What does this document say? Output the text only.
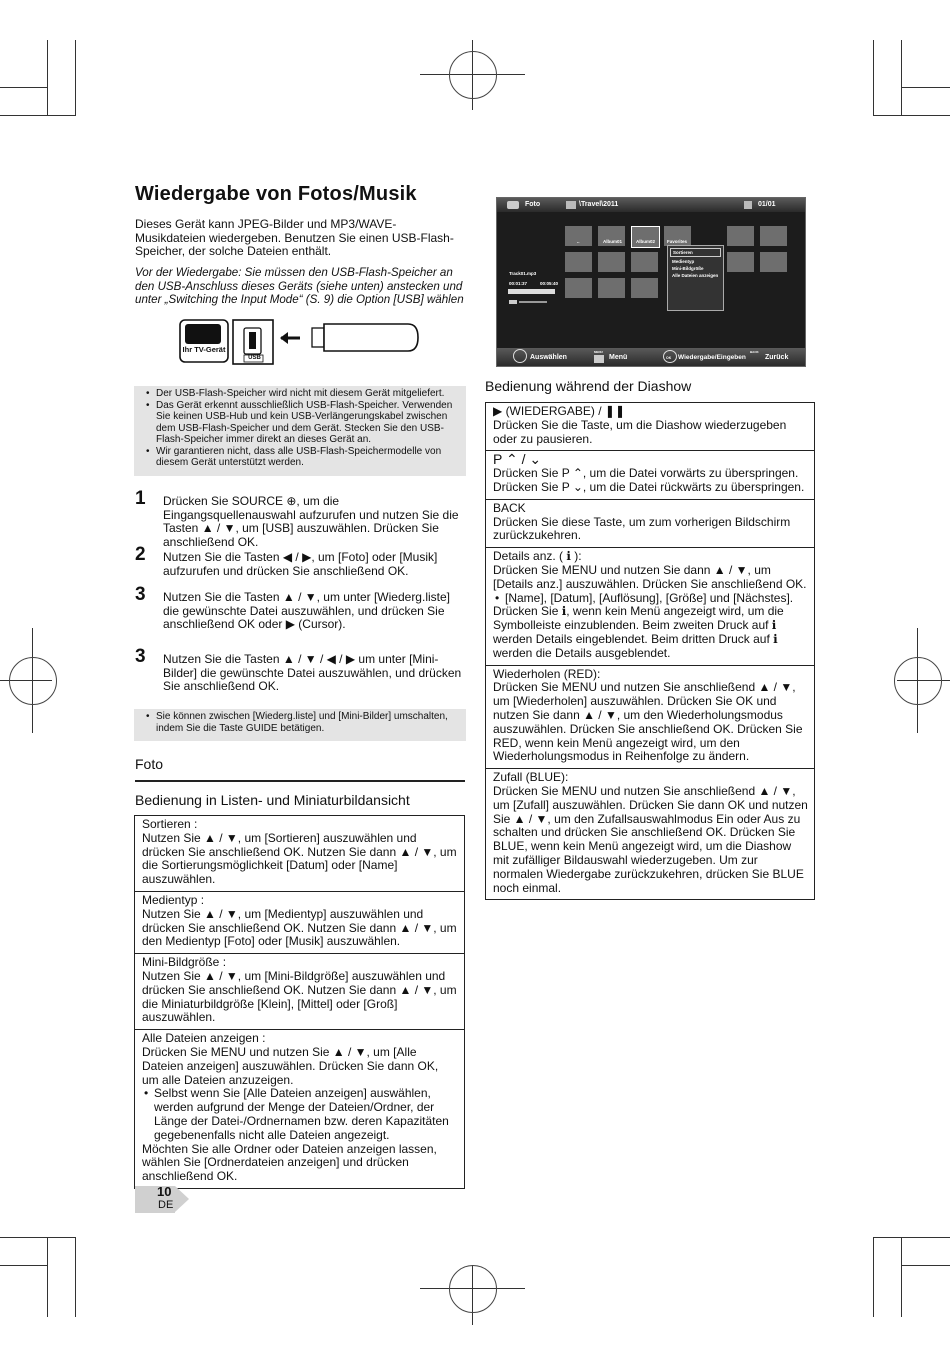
Wiedergabe von Fotos/Musik
Dieses Gerät kann JPEG-Bilder und MP3/WAVE-Musikdateien wiedergeben. Benutzen Sie einen USB-Flash-Speicher, der solche Dateien enthält.
Vor der Wiedergabe: Sie müssen den USB-Flash-Speicher an den USB-Anschluss dieses Geräts (siehe unten) anstecken und unter „Switching the Input Mode“ (S. 9) die Option [USB] wählen
Ihr TV-Gerät
USB
• Der USB-Flash-Speicher wird nicht mit diesem Gerät mitgeliefert.
• Das Gerät erkennt ausschließlich USB-Flash-Speicher. Verwenden Sie keinen USB-Hub und kein USB-Verlängerungskabel zwischen dem USB-Flash-Speicher und dem Gerät. Stecken Sie den USB-Flash-Speicher immer direkt an dieses Gerät an.
• Wir garantieren nicht, dass alle USB-Flash-Speichermodelle von diesem Gerät unterstützt werden.
1 Drücken Sie SOURCE ⊕, um die Eingangsquellenauswahl aufzurufen und nutzen Sie die Tasten ▲ / ▼, um [USB] auszuwählen. Drücken Sie anschließend OK.
2 Nutzen Sie die Tasten ◀ / ▶, um [Foto] oder [Musik] aufzurufen und drücken Sie anschließend OK.
3 Nutzen Sie die Tasten ▲ / ▼, um unter [Wiederg.liste] die gewünschte Datei auszuwählen, und drücken Sie anschließend OK oder ▶ (Cursor).
3 Nutzen Sie die Tasten ▲ / ▼ / ◀ / ▶ um unter [Mini-Bilder] die gewünschte Datei auszuwählen, und drücken Sie anschließend OK.
• Sie können zwischen [Wiederg.liste] und [Mini-Bilder] umschalten, indem Sie die Taste GUIDE betätigen.
Foto
Bedienung in Listen- und Miniaturbildansicht
Sortieren :
Nutzen Sie ▲ / ▼, um [Sortieren] auszuwählen und drücken Sie anschließend OK. Nutzen Sie dann ▲ / ▼, um die Sortierungsmöglichkeit [Datum] oder [Name] auszuwählen.

Medientyp :
Nutzen Sie ▲ / ▼, um [Medientyp] auszuwählen und drücken Sie anschließend OK. Nutzen Sie dann ▲ / ▼, um den Medientyp [Foto] oder [Musik] auszuwählen.

Mini-Bildgröße :
Nutzen Sie ▲ / ▼, um [Mini-Bildgröße] auszuwählen und drücken Sie anschließend OK. Nutzen Sie dann ▲ / ▼, um die Miniaturbildgröße [Klein], [Mittel] oder [Groß] auszuwählen.

Alle Dateien anzeigen :
Drücken Sie MENU und nutzen Sie ▲ / ▼, um [Alle Dateien anzeigen] auszuwählen. Drücken Sie dann OK, um alle Dateien anzuzeigen.
• Selbst wenn Sie [Alle Dateien anzeigen] auswählen, werden aufgrund der Menge der Dateien/Ordner, der Länge der Datei-/Ordnernamen bzw. deren Kapazitäten gegebenenfalls nicht alle Dateien angezeigt.
Möchten Sie alle Ordner oder Dateien anzeigen lassen, wählen Sie [Ordnerdateien anzeigen] und drücken anschließend OK.
Foto	\Travel\2011	01/01
..	Album01	Album02	Favorites
Track01.mp3
00:01:37	00:05:40
Sortieren
Medientyp
Mini-Bildgröße
Alle Dateien anzeigen
Auswählen
MENU
Menü	OK Wiedergabe/Eingeben
BACK
Zurück
Bedienung während der Diashow
▶ (WIEDERGABE) / ❚❚
Drücken Sie die Taste, um die Diashow wiederzugeben oder zu pausieren.

P ⌃ / ⌄
Drücken Sie P ⌃, um die Datei vorwärts zu überspringen. Drücken Sie P ⌄, um die Datei rückwärts zu überspringen.

BACK
Drücken Sie diese Taste, um zum vorherigen Bildschirm zurückzukehren.

Details anz. ( ℹ ):
Drücken Sie MENU und nutzen Sie dann ▲ / ▼, um [Details anz.] auszuwählen. Drücken Sie anschließend OK.
• [Name], [Datum], [Auflösung], [Größe] und [Nächstes].
Drücken Sie ℹ, wenn kein Menü angezeigt wird, um die Symbolleiste einzublenden. Beim zweiten Druck auf ℹ werden Details eingeblendet. Beim dritten Druck auf ℹ werden die Details ausgeblendet.

Wiederholen (RED):
Drücken Sie MENU und nutzen Sie anschließend ▲ / ▼, um [Wiederholen] auszuwählen. Drücken Sie OK und nutzen Sie dann ▲ / ▼, um den Wiederholungsmodus auszuwählen. Drücken Sie anschließend OK. Drücken Sie RED, wenn kein Menü angezeigt wird, um den Wiederholungsmodus in Reihenfolge zu ändern.

Zufall (BLUE):
Drücken Sie MENU und nutzen Sie anschließend ▲ / ▼, um [Zufall] auszuwählen. Drücken Sie dann OK und nutzen Sie ▲ / ▼, um den Zufallsauswahlmodus Ein oder Aus zu schalten und drücken Sie anschließend OK. Drücken Sie BLUE, wenn kein Menü angezeigt wird, um die Diashow mit zufälliger Bildauswahl wiederzugeben. Um zur normalen Wiedergabe zurückzukehren, drücken Sie BLUE noch einmal.
10
DE
